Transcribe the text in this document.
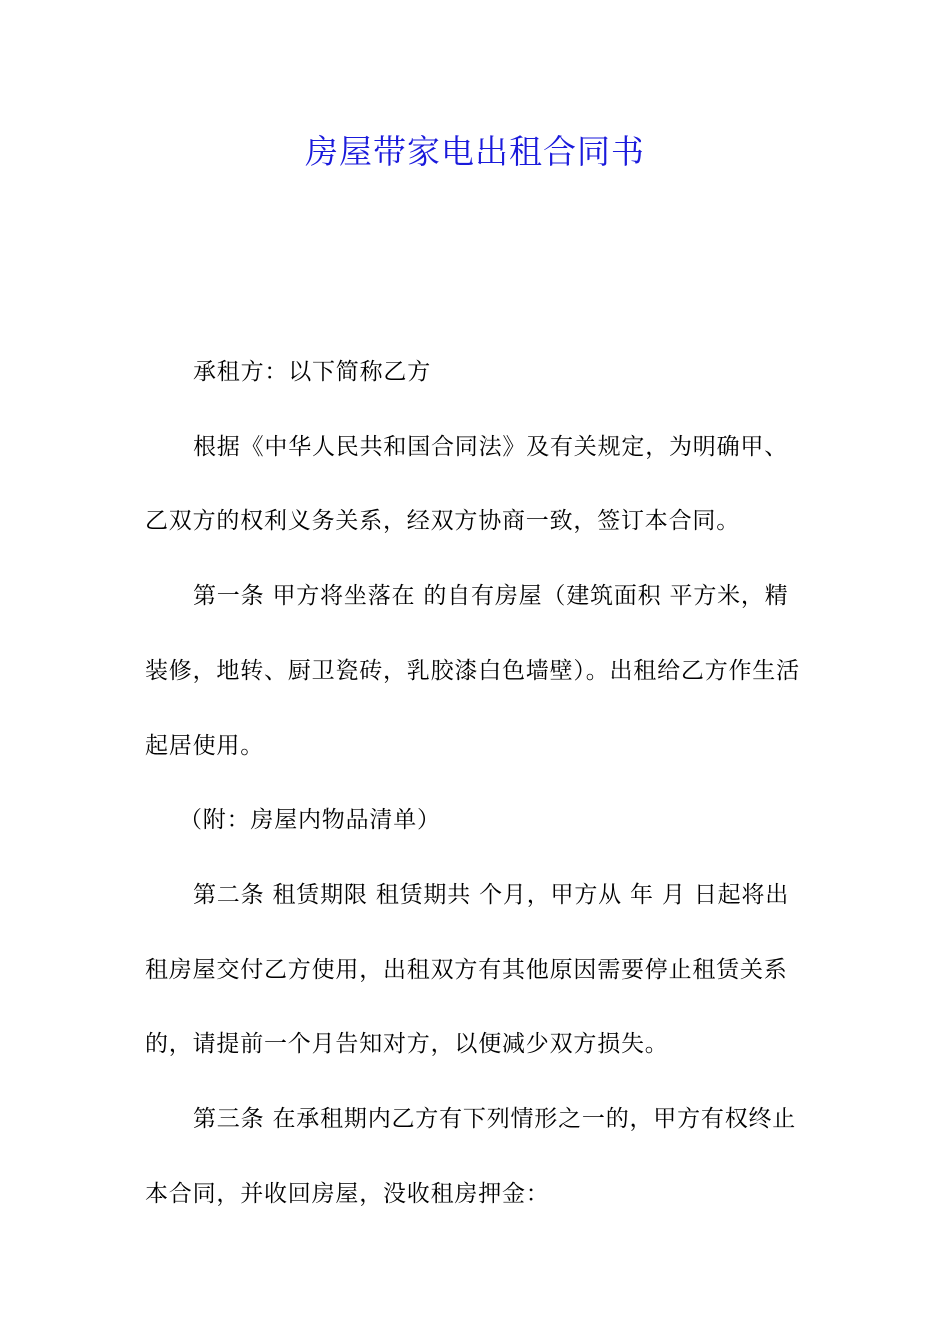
房屋带家电出租合同书

承租方：以下简称乙方

根据《中华人民共和国合同法》及有关规定，为明确甲、乙双方的权利义务关系，经双方协商一致，签订本合同。

第一条 甲方将坐落在 的自有房屋（建筑面积 平方米，精装修，地转、厨卫瓷砖，乳胶漆白色墙壁）。出租给乙方作生活起居使用。

（附：房屋内物品清单）

第二条 租赁期限 租赁期共 个月，甲方从 年 月 日起将出租房屋交付乙方使用，出租双方有其他原因需要停止租赁关系的，请提前一个月告知对方，以便减少双方损失。

第三条 在承租期内乙方有下列情形之一的，甲方有权终止本合同，并收回房屋，没收租房押金：
